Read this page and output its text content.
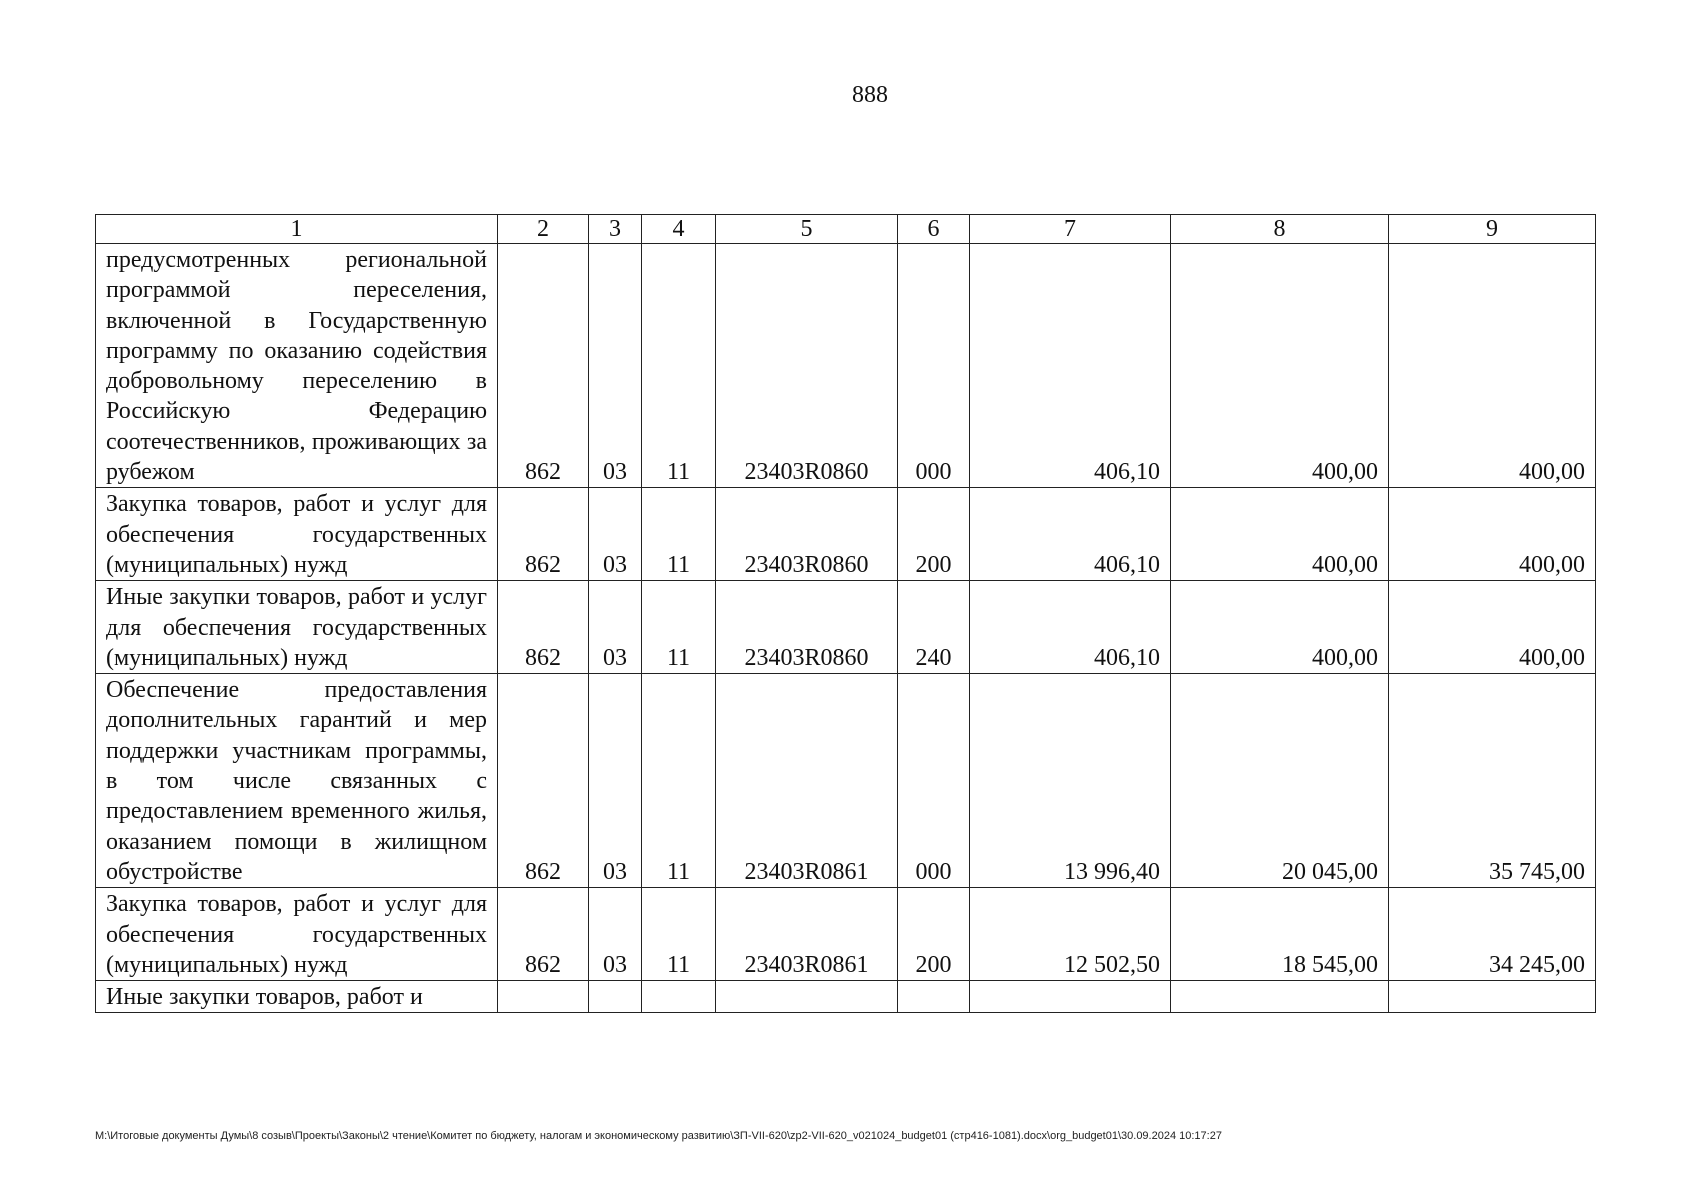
888
1	2	3	4	5	6	7	8	9
предусмотренных региональной программой переселения, включенной в Государственную программу по оказанию содействия добровольному переселению в Российскую Федерацию соотечественников, проживающих за рубежом	862	03	11	23403R0860	000	406,10	400,00	400,00
Закупка товаров, работ и услуг для обеспечения государственных (муниципальных) нужд	862	03	11	23403R0860	200	406,10	400,00	400,00
Иные закупки товаров, работ и услуг для обеспечения государственных (муниципальных) нужд	862	03	11	23403R0860	240	406,10	400,00	400,00
Обеспечение предоставления дополнительных гарантий и мер поддержки участникам программы, в том числе связанных с предоставлением временного жилья, оказанием помощи в жилищном обустройстве	862	03	11	23403R0861	000	13 996,40	20 045,00	35 745,00
Закупка товаров, работ и услуг для обеспечения государственных (муниципальных) нужд	862	03	11	23403R0861	200	12 502,50	18 545,00	34 245,00
Иные закупки товаров, работ и								
M:\Итоговые документы Думы\8 созыв\Проекты\Законы\2 чтение\Комитет по бюджету, налогам и экономическому развитию\ЗП-VII-620\zp2-VII-620_v021024_budget01 (стр416-1081).docx\org_budget01\30.09.2024 10:17:27
